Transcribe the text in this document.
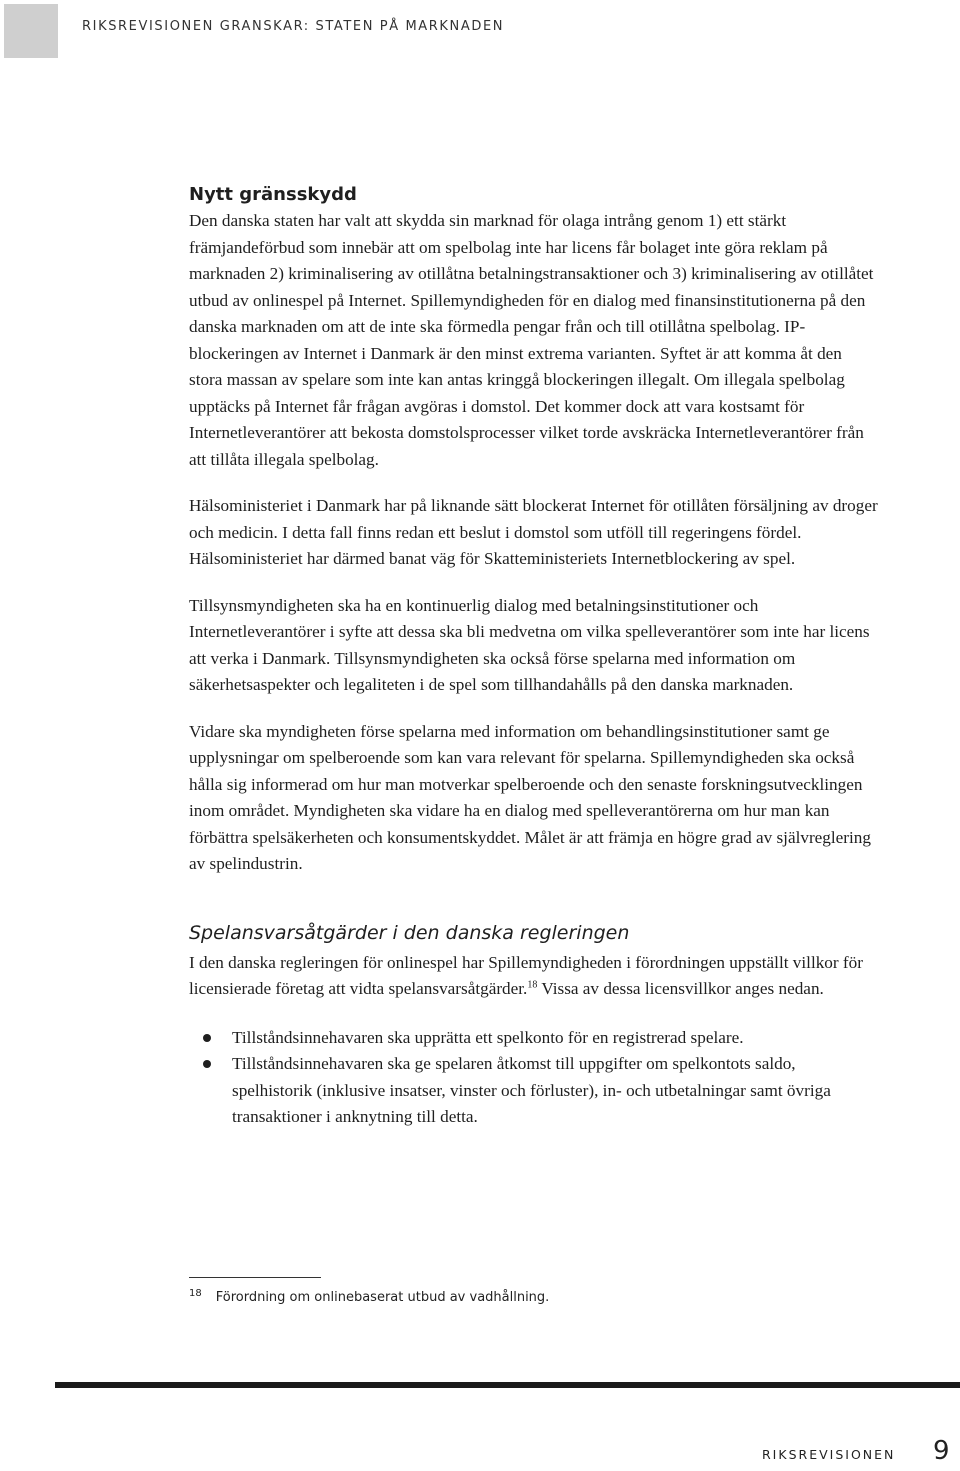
RIKSREVISIONEN GRANSKAR: STATEN PÅ MARKNADEN
Nytt gränsskydd

Den danska staten har valt att skydda sin marknad för olaga intrång genom 1) ett stärkt främjandeförbud som innebär att om spelbolag inte har licens får bolaget inte göra reklam på marknaden 2) kriminalisering av otillåtna betalningstransaktioner och 3) kriminalisering av otillåtet utbud av onlinespel på Internet. Spillemyndigheden för en dialog med finansinstitutionerna på den danska marknaden om att de inte ska förmedla pengar från och till otillåtna spelbolag. IP-blockeringen av Internet i Danmark är den minst extrema varianten. Syftet är att komma åt den stora massan av spelare som inte kan antas kringgå blockeringen illegalt. Om illegala spelbolag upptäcks på Internet får frågan avgöras i domstol. Det kommer dock att vara kostsamt för Internetleverantörer att bekosta domstolsprocesser vilket torde avskräcka Internetleverantörer från att tillåta illegala spelbolag.

Hälsoministeriet i Danmark har på liknande sätt blockerat Internet för otillåten försäljning av droger och medicin. I detta fall finns redan ett beslut i domstol som utföll till regeringens fördel. Hälsoministeriet har därmed banat väg för Skatteministeriets Internetblockering av spel.

Tillsynsmyndigheten ska ha en kontinuerlig dialog med betalningsinstitutioner och Internetleverantörer i syfte att dessa ska bli medvetna om vilka spelleverantörer som inte har licens att verka i Danmark. Tillsynsmyndigheten ska också förse spelarna med information om säkerhetsaspekter och legaliteten i de spel som tillhandahålls på den danska marknaden.

Vidare ska myndigheten förse spelarna med information om behandlingsinstitutioner samt ge upplysningar om spelberoende som kan vara relevant för spelarna. Spillemyndigheden ska också hålla sig informerad om hur man motverkar spelberoende och den senaste forskningsutvecklingen inom området. Myndigheten ska vidare ha en dialog med spelleverantörerna om hur man kan förbättra spelsäkerheten och konsumentskyddet. Målet är att främja en högre grad av självreglering av spelindustrin.

Spelansvarsåtgärder i den danska regleringen

I den danska regleringen för onlinespel har Spillemyndigheden i förordningen uppställt villkor för licensierade företag att vidta spelansvarsåtgärder.$^{18}$ Vissa av dessa licensvillkor anges nedan.

Tillståndsinnehavaren ska upprätta ett spelkonto för en registrerad spelare.
Tillståndsinnehavaren ska ge spelaren åtkomst till uppgifter om spelkontots saldo, spelhistorik (inklusive insatser, vinster och förluster), in- och utbetalningar samt övriga transaktioner i anknytning till detta.
$^{18}$ Förordning om onlinebaserat utbud av vadhållning.
RIKSREVISIONEN 9
